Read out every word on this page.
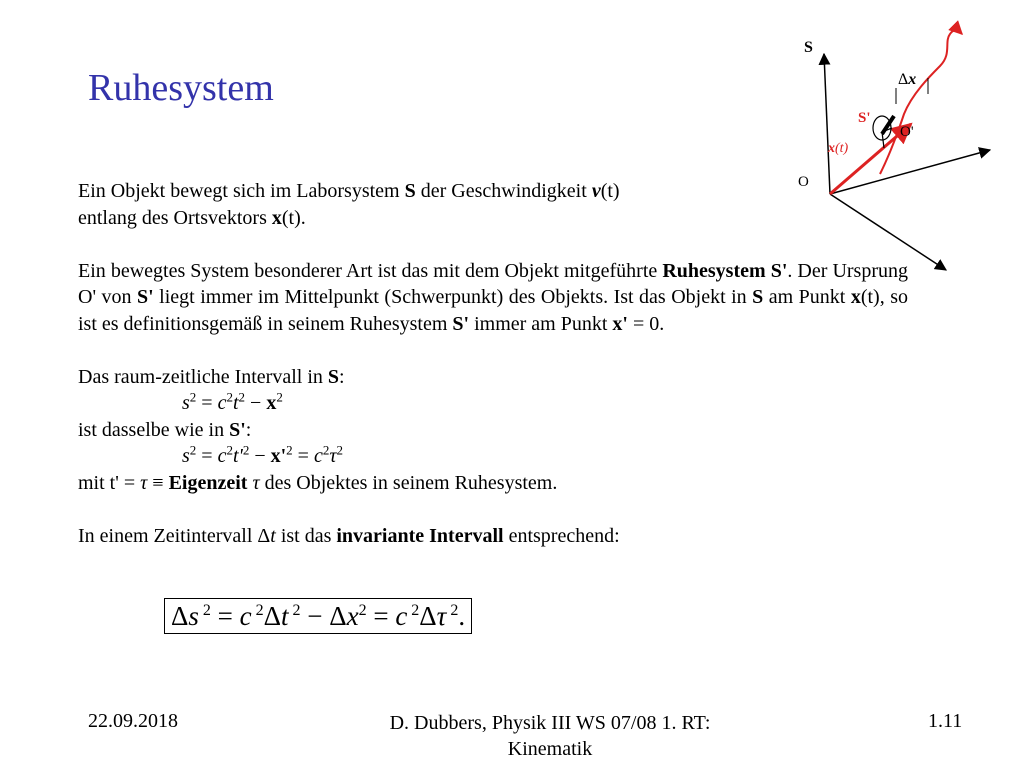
Ruhesystem

Ein Objekt bewegt sich im Laborsystem S der Geschwindigkeit v(t)

entlang des Ortsvektors x(t).

Ein bewegtes System besonderer Art ist das mit dem Objekt mitgeführte Ruhesystem S'. Der Ursprung O' von S' liegt immer im Mittelpunkt (Schwerpunkt) des Objekts. Ist das Objekt in S am Punkt x(t), so ist es definitionsgemäß in seinem Ruhesystem S' immer am Punkt x' = 0.

Das raum-zeitliche Intervall in S:

$s^2 = c^2t^2 - x^2$

ist dasselbe wie in S':

$s^2 = c^2t'^2 - x'^2 = c^2\tau^2$

mit t' = τ ≡ Eigenzeit τ des Objektes in seinem Ruhesystem.

In einem Zeitintervall Δt ist das invariante Intervall entsprechend:

Δs $^2$ = c $^2$Δt $^2 - \Delta x^2 = c$ $^2$Δτ $^2$.
S
O
S'
O'
Δx
x(t)
22.09.2018	D. Dubbers, Physik III WS 07/08 1. RT: Kinematik
1.11
